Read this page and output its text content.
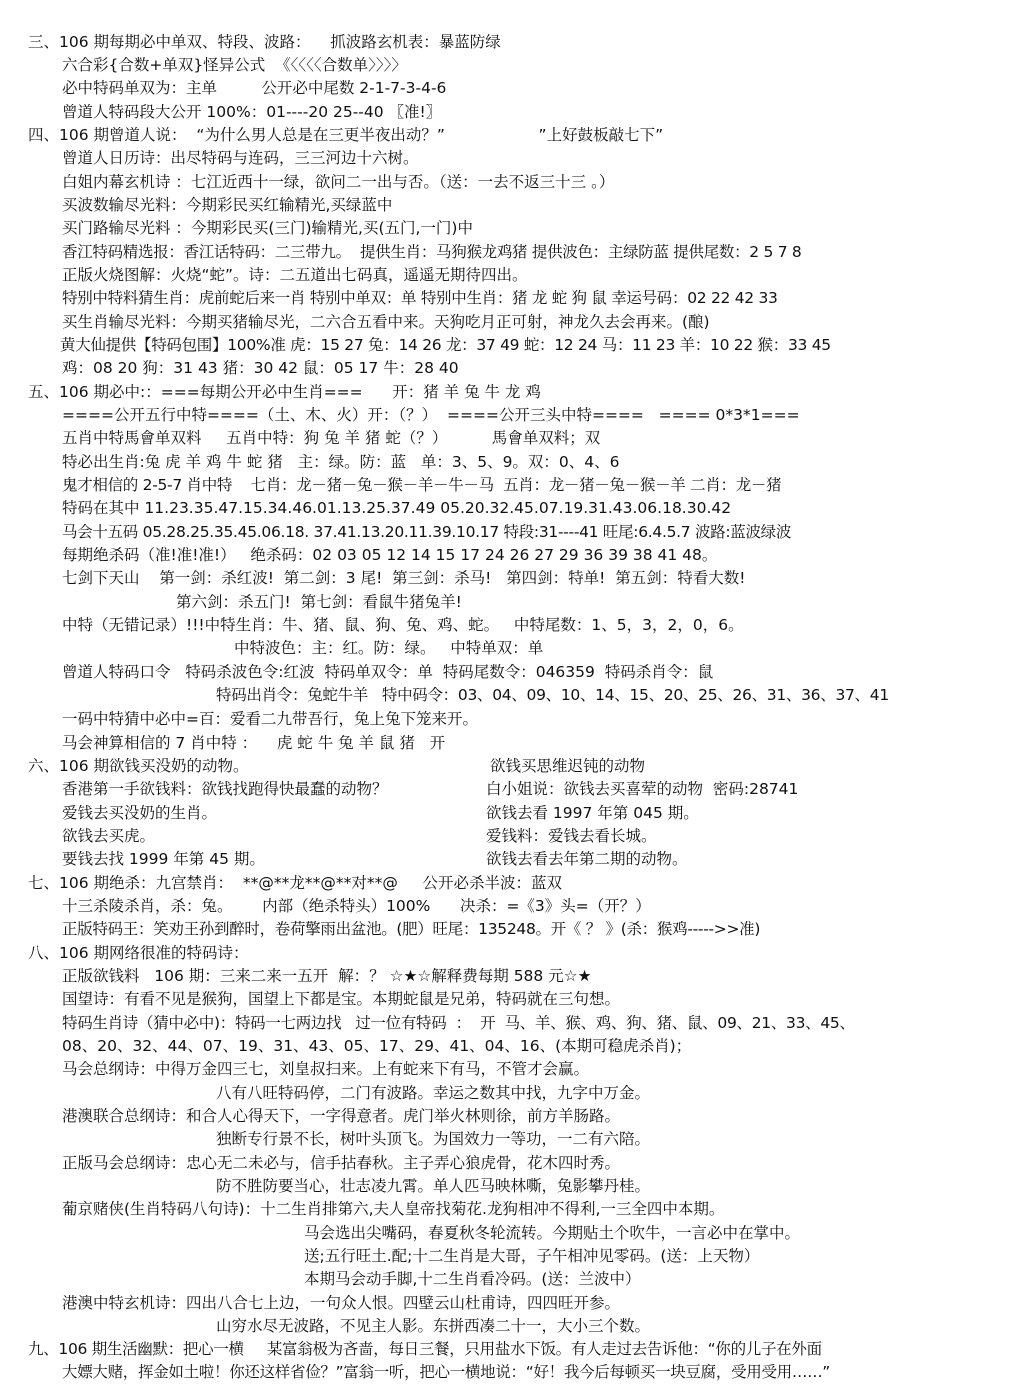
三、106 期每期必中单双、特段、波路：    抓波路玄机表：暴蓝防绿
六合彩{合数+单双}怪异公式  《〈〈〈〈合数单〉〉〉〉
必中特码单双为：主单         公开必中尾数 2-1-7-3-4-6
曾道人特码段大公开 100%：01----20 25--40 〖准!〗
四、106 期曾道人说：  “为什么男人总是在三更半夜出动？”                   ”上好鼓板敲七下”
曾道人日历诗：出尽特码与连码，三三河边十六树。
白姐内幕玄机诗 ：七江近西十一绿，欲问二一出与否。（送：一去不返三十三 。）
买波数输尽光料：今期彩民买红输精光,买绿蓝中
买门路输尽光料 ：今期彩民买(三门)输精光,买(五门,一门)中
香江特码精选报：香江话特码：二三带九。  提供生肖：马狗猴龙鸡猪 提供波色：主绿防蓝 提供尾数：2 5 7 8
正版火烧图解：火烧“蛇”。诗：二五道出七码真，遥遥无期待四出。
特别中特料猜生肖：虎前蛇后来一肖 特别中单双：单 特别中生肖：猪 龙 蛇 狗 鼠 幸运号码：02 22 42 33
买生肖输尽光料：今期买猪输尽光，二六合五看中来。天狗吃月正可射，神龙久去会再来。(酿)
黄大仙提供【特码包围】100%准 虎：15 27 兔：14 26 龙：37 49 蛇：12 24 马：11 23 羊：10 22 猴：33 45
鸡：08 20 狗：31 43 猪：30 42 鼠：05 17 牛：28 40
五、106 期必中:：===每期公开必中生肖===      开：猪 羊 兔 牛 龙 鸡
====公开五行中特====（土、木、火）开：（？）  ====公开三头中特====   ==== 0*3*1===
五肖中特馬會单双料     五肖中特：狗 兔 羊 猪 蛇（？）         馬會单双料；双
特必出生肖:兔 虎 羊 鸡 牛 蛇 猪   主：绿。防：蓝   单：3、5、9。双：0、4、6
鬼才相信的 2-5-7 肖中特    七肖：龙－猪－兔－猴－羊－牛－马  五肖：龙－猪－兔－猴－羊 二肖：龙－猪
特码在其中 11.23.35.47.15.34.46.01.13.25.37.49 05.20.32.45.07.19.31.43.06.18.30.42
马会十五码 05.28.25.35.45.06.18. 37.41.13.20.11.39.10.17 特段:31----41 旺尾:6.4.5.7 波路:蓝波绿波
每期绝杀码（准!准!准!）   绝杀码：02 03 05 12 14 15 17 24 26 27 29 36 39 38 41 48。
七剑下天山    第一剑：杀红波!  第二剑：3 尾!  第三剑：杀马!   第四剑：特单!  第五剑：特看大数!
第六剑：杀五门!  第七剑：看鼠牛猪兔羊!
中特（无错记录）!!!中特生肖：牛、猪、鼠、狗、兔、鸡、蛇。   中特尾数：1、5，3，2，0，6。
中特波色：主：红。防：绿。   中特单双：单
曾道人特码口令   特码杀波色令:红波  特码单双令：单  特码尾数令：046359  特码杀肖令：鼠
特码出肖令：兔蛇牛羊   特中码令：03、04、09、10、14、15、20、25、26、31、36、37、41
一码中特猜中必中=百：爱看二九带吾行，兔上兔下笼来开。
马会神算相信的 7 肖中特 ：    虎 蛇 牛 兔 羊 鼠 猪   开
六、106 期欲钱买没奶的动物。	欲钱买思维迟钝的动物
香港第一手欲钱料：欲钱找跑得快最蠢的动物？	白小姐说：欲钱去买喜荤的动物  密码:28741
爱钱去买没奶的生肖。	欲钱去看 1997 年第 045 期。
欲钱去买虎。	爱钱料：爱钱去看长城。
要钱去找 1999 年第 45 期。	欲钱去看去年第二期的动物。
七、106 期绝杀：九宫禁肖：  **@**龙**@**对**@     公开必杀半波：蓝双
十三杀陵杀肖，杀：兔。      内部（绝杀特头）100%      决杀：=《3》头=（开？）
正版特码王：笑劝王孙到醉时，卷荷擎雨出盆池。(肥）旺尾：135248。开《 ？ 》(杀：猴鸡----->>准)
八、106 期网络很准的特码诗：
正版欲钱料   106 期：三来二来一五开  解：？ ☆★☆解释费每期 588 元☆★
国望诗：有看不见是猴狗，国望上下都是宝。本期蛇鼠是兄弟，特码就在三句想。
特码生肖诗（猜中必中)：特码一七两边找   过一位有特码  ：  开  马、羊、猴、鸡、狗、猪、鼠、09、21、33、45、
08、20、32、44、07、19、31、43、05、17、29、41、04、16、(本期可稳虎杀肖)；
马会总纲诗：中得万金四三七，刘皇叔扫来。上有蛇来下有马，不管才会赢。
八有八旺特码停，二门有波路。幸运之数其中找，九字中万金。
港澳联合总纲诗：和合人心得天下，一字得意者。虎门举火林则徐，前方羊肠路。
独断专行景不长，树叶头顶飞。为国效力一等功，一二有六陪。
正版马会总纲诗：忠心无二未必与，信手拈春秋。主子弄心狼虎骨，花木四时秀。
防不胜防要当心，壮志凌九霄。单人匹马映林嘶，兔影攀丹桂。
葡京赌侠(生肖特码八句诗)：十二生肖排第六,夫人皇帝找菊花.龙狗相冲不得利,一三全四中本期。
马会选出尖嘴码，春夏秋冬轮流转。今期贴土个吹牛，一言必中在掌中。
送;五行旺土.配;十二生肖是大哥，子午相冲见零码。(送：上天物）
本期马会动手脚,十二生肖看冷码。(送：兰波中）
港澳中特玄机诗：四出八合七上边，一句众人恨。四壁云山杜甫诗，四四旺开参。
山穷水尽无波路，不见主人影。东拼西凑二十一，大小三个数。
九、106 期生活幽默：把心一横     某富翁极为吝啬，每日三餐，只用盐水下饭。有人走过去告诉他：“你的儿子在外面
大嫖大赌，挥金如土啦！你还这样省俭？”富翁一听，把心一横地说：“好！我今后每顿买一块豆腐，受用受用……”
